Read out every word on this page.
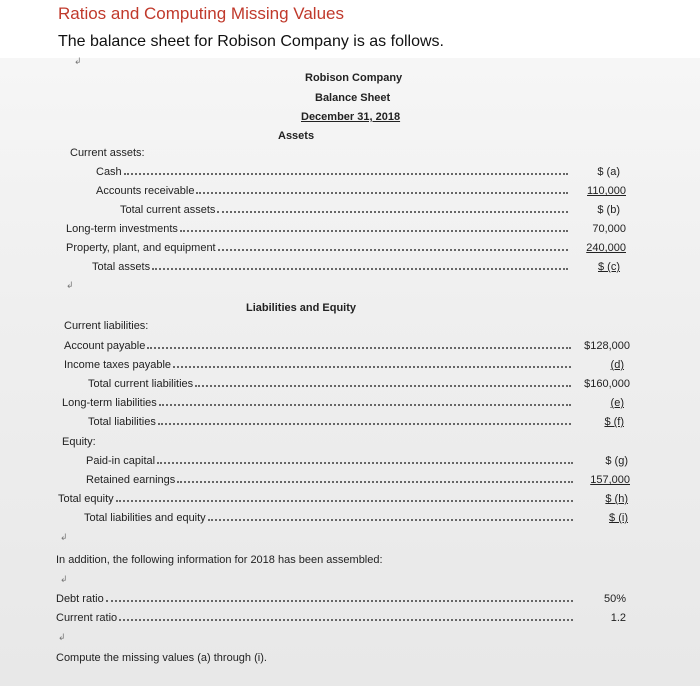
Ratios and Computing Missing Values
The balance sheet for Robison Company is as follows.
↲
Robison Company
Balance Sheet
December 31, 2018
Assets
Current assets:
Cash	$ (a)
Accounts receivable	110,000
Total current assets	$ (b)
Long-term investments	70,000
Property, plant, and equipment	240,000
Total assets	$ (c)
↲
Liabilities and Equity
Current liabilities:
Account payable	$128,000
Income taxes payable	(d)
Total current liabilities	$160,000
Long-term liabilities	(e)
Total liabilities	$ (f)
Equity:
Paid-in capital	$ (g)
Retained earnings	157,000
Total equity	$ (h)
Total liabilities and equity	$ (i)
↲
In addition, the following information for 2018 has been assembled:
↲
Debt ratio	50%
Current ratio	1.2
↲
Compute the missing values (a) through (i).
